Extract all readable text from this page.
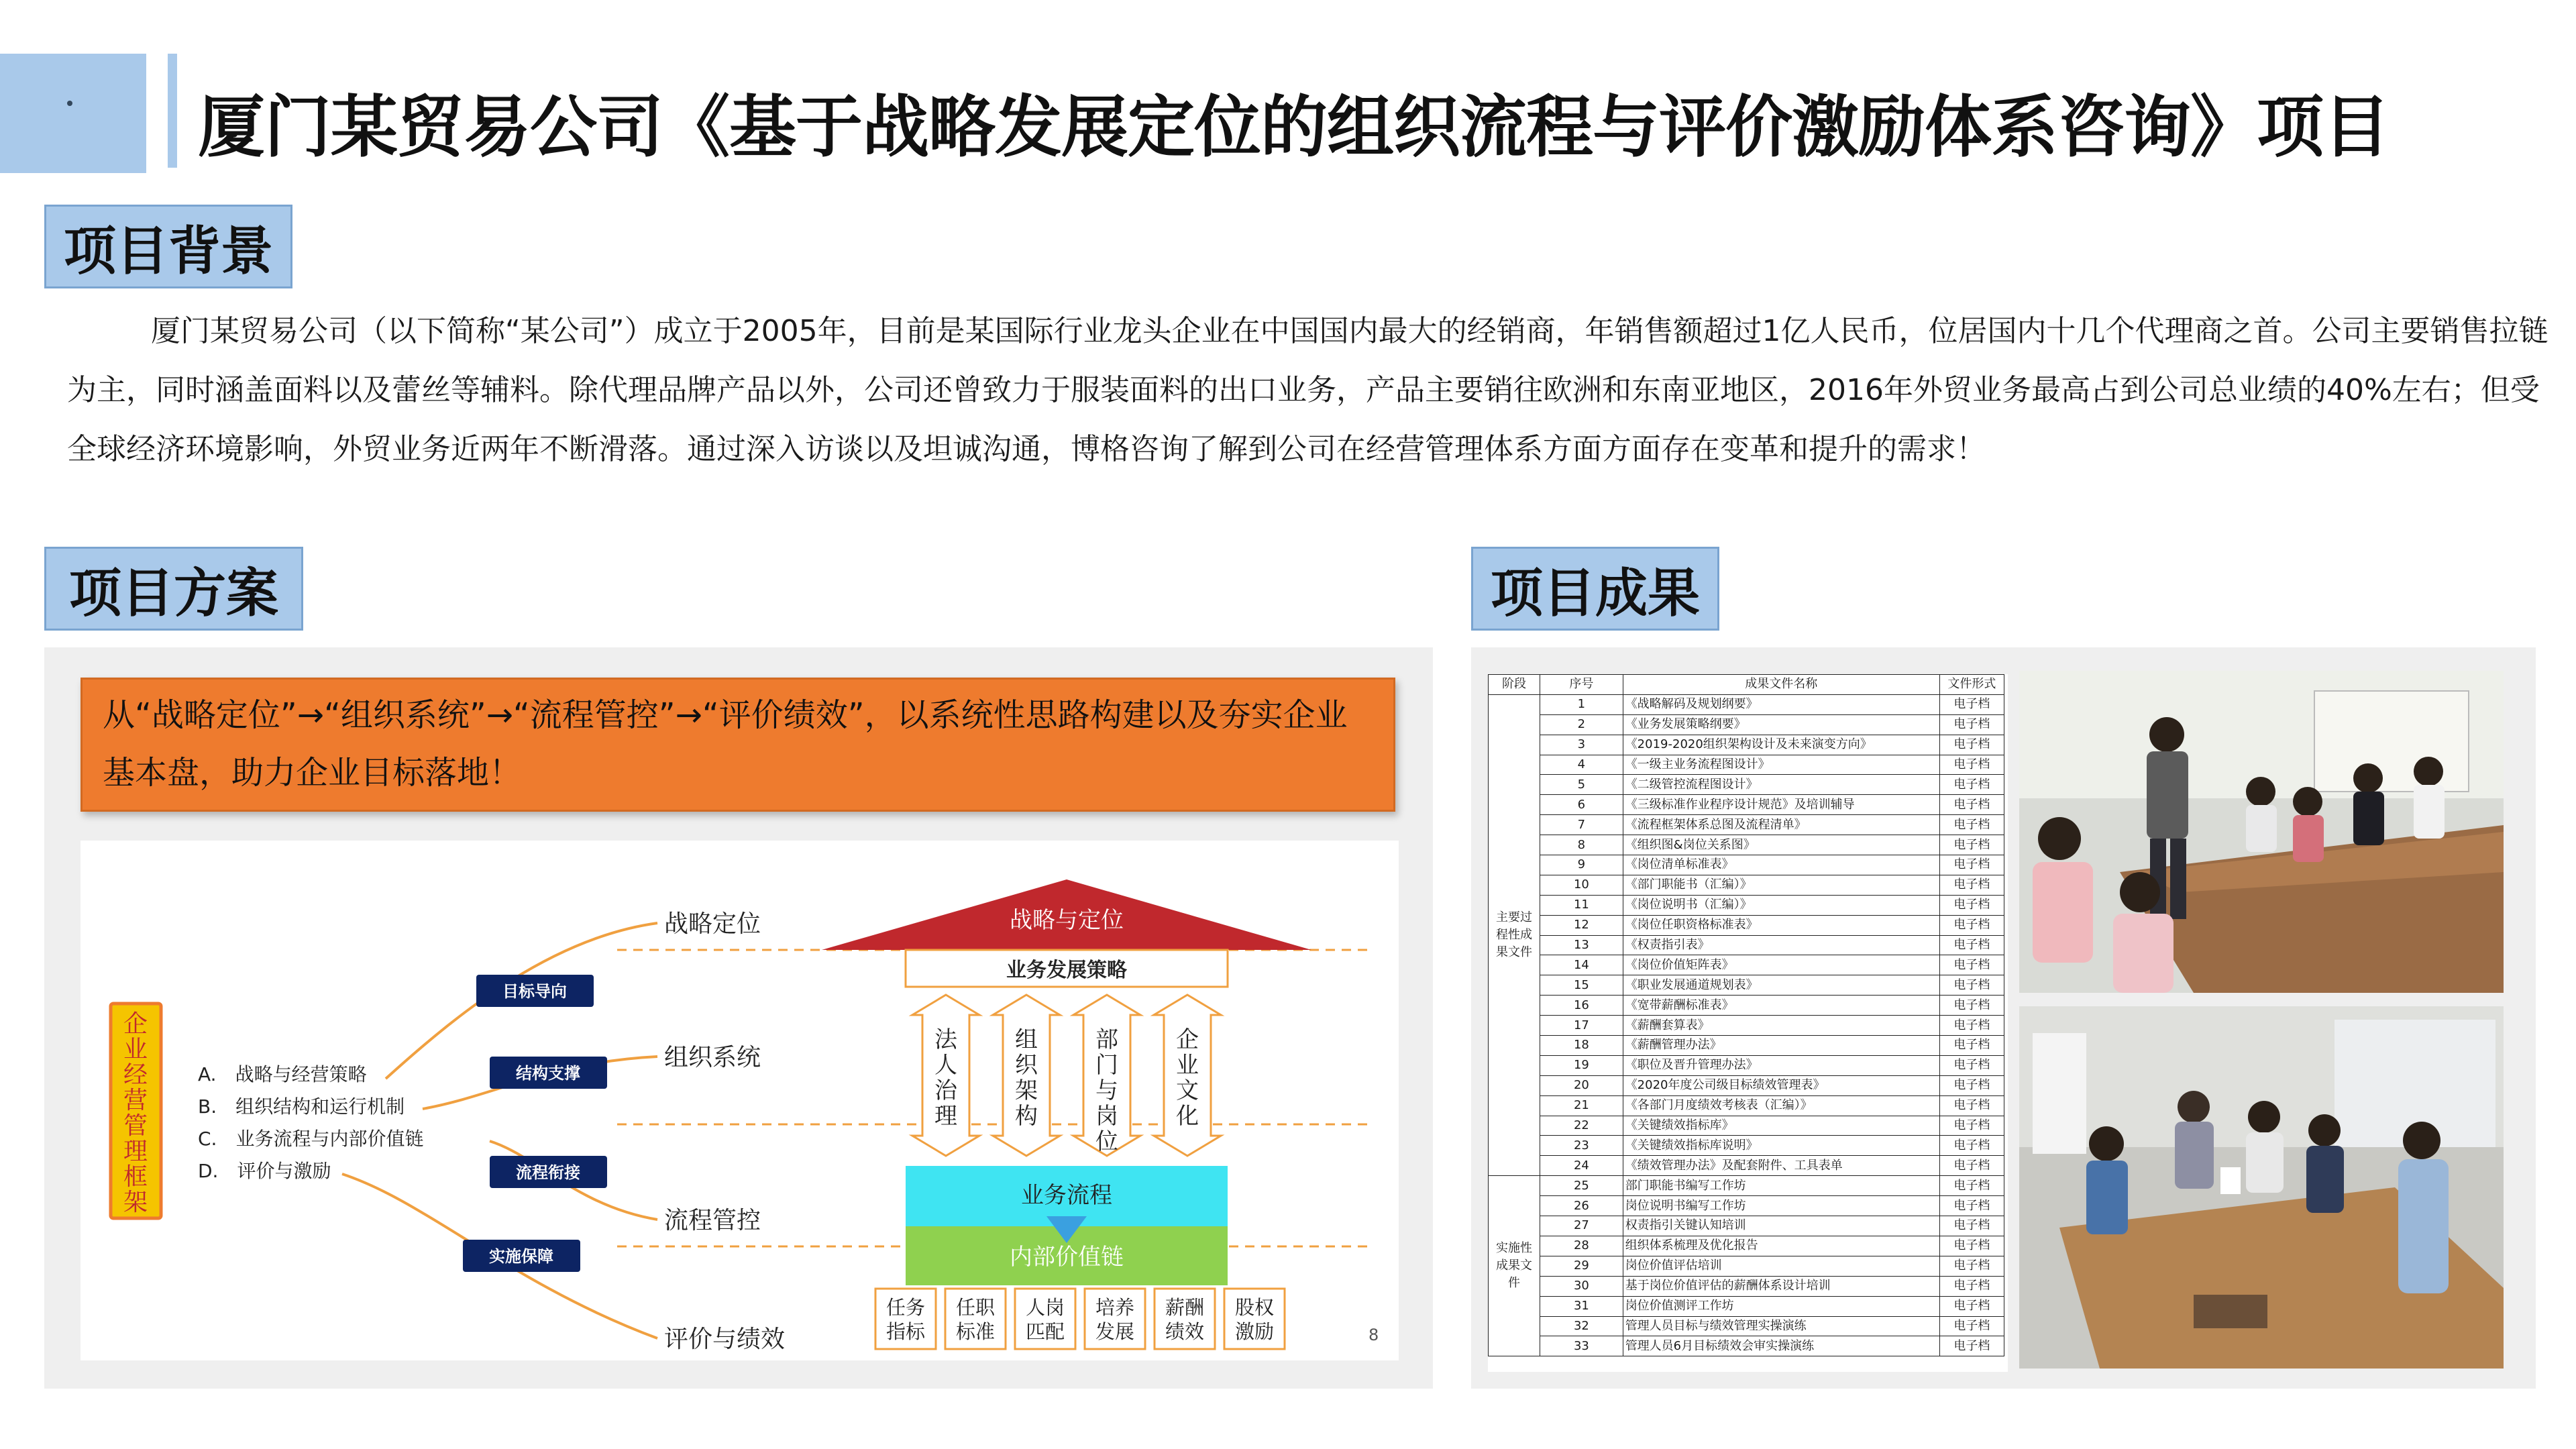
厦门某贸易公司《基于战略发展定位的组织流程与评价激励体系咨询》项目
项目背景
厦门某贸易公司（以下简称“某公司”）成立于2005年，目前是某国际行业龙头企业在中国国内最大的经销商，年销售额超过1亿人民币，位居国内十几个代理商之首。公司主要销售拉链为主，同时涵盖面料以及蕾丝等辅料。除代理品牌产品以外，公司还曾致力于服装面料的出口业务，产品主要销往欧洲和东南亚地区，2016年外贸业务最高占到公司总业绩的40%左右；但受全球经济环境影响，外贸业务近两年不断滑落。通过深入访谈以及坦诚沟通，博格咨询了解到公司在经营管理体系方面方面存在变革和提升的需求！
项目方案	项目成果
从“战略定位”→“组织系统”→“流程管控”→“评价绩效”，以系统性思路构建以及夯实企业基本盘，助力企业目标落地！
企
业
经
营
管
理
框
架
A.　战略与经营策略
B.　组织结构和运行机制
C.　业务流程与内部价值链
D.　评价与激励
目标导向
结构支撑
流程衔接
实施保障
战略定位
组织系统
流程管控
评价与绩效
战略与定位
业务发展策略
法
人
治
理
组
织
架
构
部
门
与
岗
位
企
业
文
化
业务流程
内部价值链
任务
指标
任职
标准
人岗
匹配
培养
发展
薪酬
绩效
股权
激励	8
阶段	序号	成果文件名称	文件形式
主要过程性成果文件	1	《战略解码及规划纲要》	电子档
	2	《业务发展策略纲要》	电子档
	3	《2019-2020组织架构设计及未来演变方向》	电子档
	4	《一级主业务流程图设计》	电子档
	5	《二级管控流程图设计》	电子档
	6	《三级标准作业程序设计规范》及培训辅导	电子档
	7	《流程框架体系总图及流程清单》	电子档
	8	《组织图&岗位关系图》	电子档
	9	《岗位清单标准表》	电子档
	10	《部门职能书（汇编）》	电子档
	11	《岗位说明书（汇编）》	电子档
	12	《岗位任职资格标准表》	电子档
	13	《权责指引表》	电子档
	14	《岗位价值矩阵表》	电子档
	15	《职业发展通道规划表》	电子档
	16	《宽带薪酬标准表》	电子档
	17	《薪酬套算表》	电子档
	18	《薪酬管理办法》	电子档
	19	《职位及晋升管理办法》	电子档
	20	《2020年度公司级目标绩效管理表》	电子档
	21	《各部门月度绩效考核表（汇编）》	电子档
	22	《关键绩效指标库》	电子档
	23	《关键绩效指标库说明》	电子档
	24	《绩效管理办法》及配套附件、工具表单	电子档
实施性成果文件	25	部门职能书编写工作坊	电子档
	26	岗位说明书编写工作坊	电子档
	27	权责指引关键认知培训	电子档
	28	组织体系梳理及优化报告	电子档
	29	岗位价值评估培训	电子档
	30	基于岗位价值评估的薪酬体系设计培训	电子档
	31	岗位价值测评工作坊	电子档
	32	管理人员目标与绩效管理实操演练	电子档
	33	管理人员6月目标绩效会审实操演练	电子档
